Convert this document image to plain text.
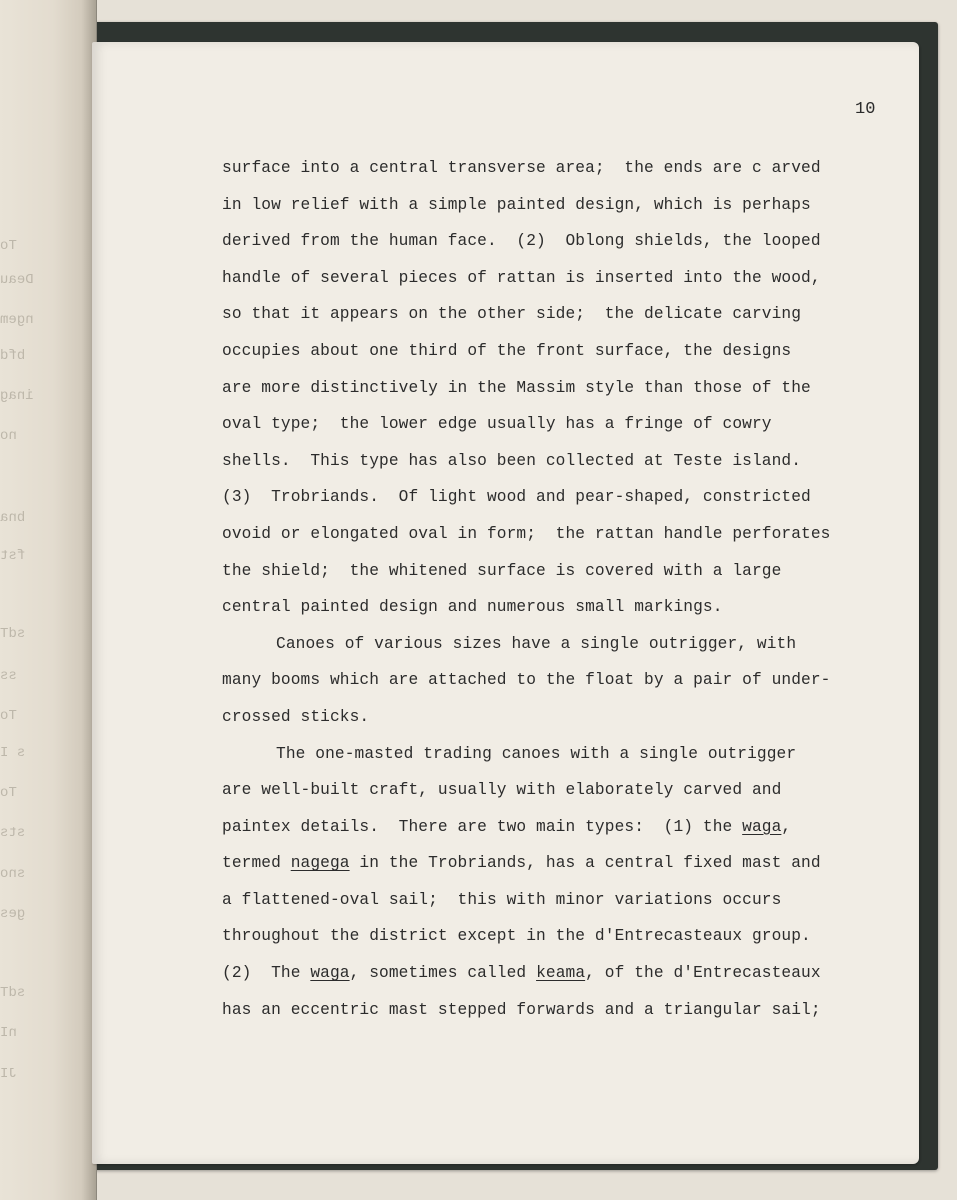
To
Deau
ngem
bfd
inag
no
bna
fst
sdT
ss
To
s I
To
sts
sno
ges
sdT
nI
JI
10
surface into a central transverse area;  the ends are c arved
in low relief with a simple painted design, which is perhaps
derived from the human face.  (2)  Oblong shields, the looped
handle of several pieces of rattan is inserted into the wood,
so that it appears on the other side;  the delicate carving
occupies about one third of the front surface, the designs
are more distinctively in the Massim style than those of the
oval type;  the lower edge usually has a fringe of cowry
shells.  This type has also been collected at Teste island.
(3)  Trobriands.  Of light wood and pear-shaped, constricted
ovoid or elongated oval in form;  the rattan handle perforates
the shield;  the whitened surface is covered with a large
central painted design and numerous small markings.
Canoes of various sizes have a single outrigger, with
many booms which are attached to the float by a pair of under-
crossed sticks.
The one-masted trading canoes with a single outrigger
are well-built craft, usually with elaborately carved and
paintex details.  There are two main types:  (1) the waga,
termed nagega in the Trobriands, has a central fixed mast and
a flattened-oval sail;  this with minor variations occurs
throughout the district except in the d'Entrecasteaux group.
(2)  The waga, sometimes called keama, of the d'Entrecasteaux
has an eccentric mast stepped forwards and a triangular sail;
